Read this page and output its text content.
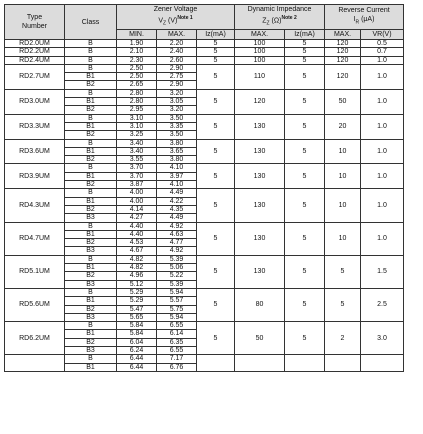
Type
Number	Class	Zener Voltage
$V_Z$ (V)$^{Note 1}$			Dynamic Impedance
$Z_Z$ (Ω)$^{Note 2}$		Reverse Current
$I_R$ (μA)	
		MIN.	MAX.	Iz(mA)	MAX.	Iz(mA)	MAX.	VR(V)
RD2.0UM	B	1.90	2.20	5	100	5	120	0.5
RD2.2UM	B	2.10	2.40	5	100	5	120	0.7
RD2.4UM	B	2.30	2.60	5	100	5	120	1.0
RD2.7UM	B	2.50	2.90	5	110	5	120	1.0
	B1	2.50	2.75					
	B2	2.65	2.90					
RD3.0UM	B	2.80	3.20	5	120	5	50	1.0
	B1	2.80	3.05					
	B2	2.95	3.20					
RD3.3UM	B	3.10	3.50	5	130	5	20	1.0
	B1	3.10	3.35					
	B2	3.25	3.50					
RD3.6UM	B	3.40	3.80	5	130	5	10	1.0
	B1	3.40	3.65					
	B2	3.55	3.80					
RD3.9UM	B	3.70	4.10	5	130	5	10	1.0
	B1	3.70	3.97					
	B2	3.87	4.10					
RD4.3UM	B	4.00	4.49	5	130	5	10	1.0
	B1	4.00	4.22					
	B2	4.14	4.35					
	B3	4.27	4.49					
RD4.7UM	B	4.40	4.92	5	130	5	10	1.0
	B1	4.40	4.63					
	B2	4.53	4.77					
	B3	4.67	4.92					
RD5.1UM	B	4.82	5.39	5	130	5	5	1.5
	B1	4.82	5.06					
	B2	4.96	5.22					
	B3	5.12	5.39					
RD5.6UM	B	5.29	5.94	5	80	5	5	2.5
	B1	5.29	5.57					
	B2	5.47	5.75					
	B3	5.65	5.94					
RD6.2UM	B	5.84	6.55	5	50	5	2	3.0
	B1	5.84	6.14					
	B2	6.04	6.35					
	B3	6.24	6.55					
	B	6.44	7.17					
	B1	6.44	6.76					
